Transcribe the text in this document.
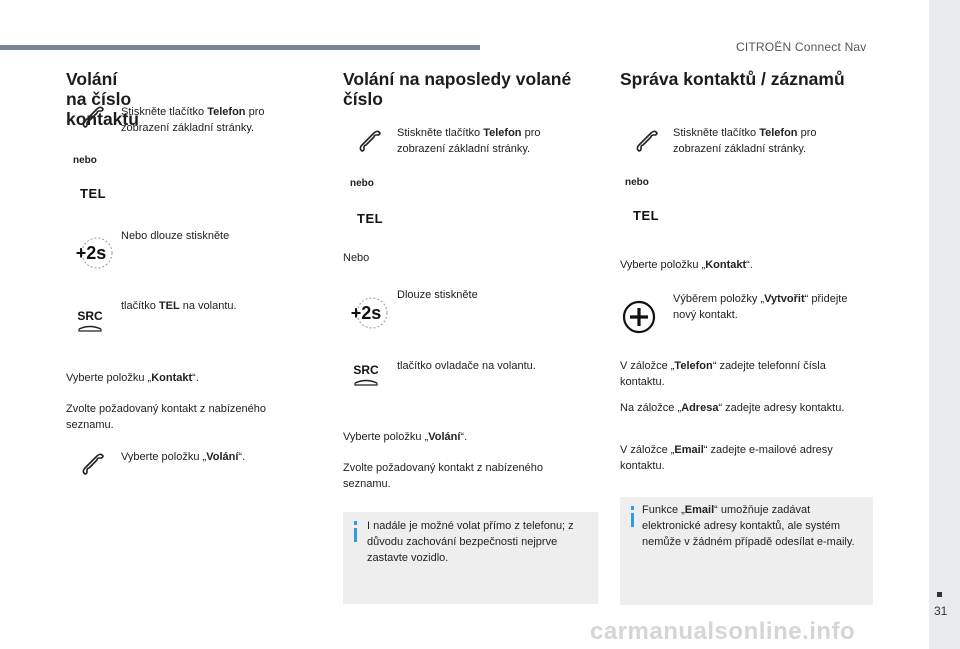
CITROËN Connect Nav
31
carmanualsonline.info
Volání na číslo kontaktu
Stiskněte tlačítko Telefon pro zobrazení základní stránky.
nebo
TEL
+2s
Nebo dlouze stiskněte
SRC
tlačítko TEL na volantu.
Vyberte položku „Kontakt“.
Zvolte požadovaný kontakt z nabízeného seznamu.
Vyberte položku „Volání“.
Volání na naposledy volané číslo
Stiskněte tlačítko Telefon pro zobrazení základní stránky.
nebo
TEL
Nebo
+2s
Dlouze stiskněte
SRC tlačítko ovladače na volantu.
Vyberte položku „Volání“.
Zvolte požadovaný kontakt z nabízeného seznamu.
I nadále je možné volat přímo z telefonu; z důvodu zachování bezpečnosti nejprve zastavte vozidlo.
Správa kontaktů / záznamů
Stiskněte tlačítko Telefon pro zobrazení základní stránky.
nebo
TEL
Vyberte položku „Kontakt“.
Výběrem položky „Vytvořit“ přidejte nový kontakt.
V záložce „Telefon“ zadejte telefonní čísla kontaktu.
Na záložce „Adresa“ zadejte adresy kontaktu.
V záložce „Email“ zadejte e-mailové adresy kontaktu.
Funkce „Email“ umožňuje zadávat elektronické adresy kontaktů, ale systém nemůže v žádném případě odesílat e-maily.
